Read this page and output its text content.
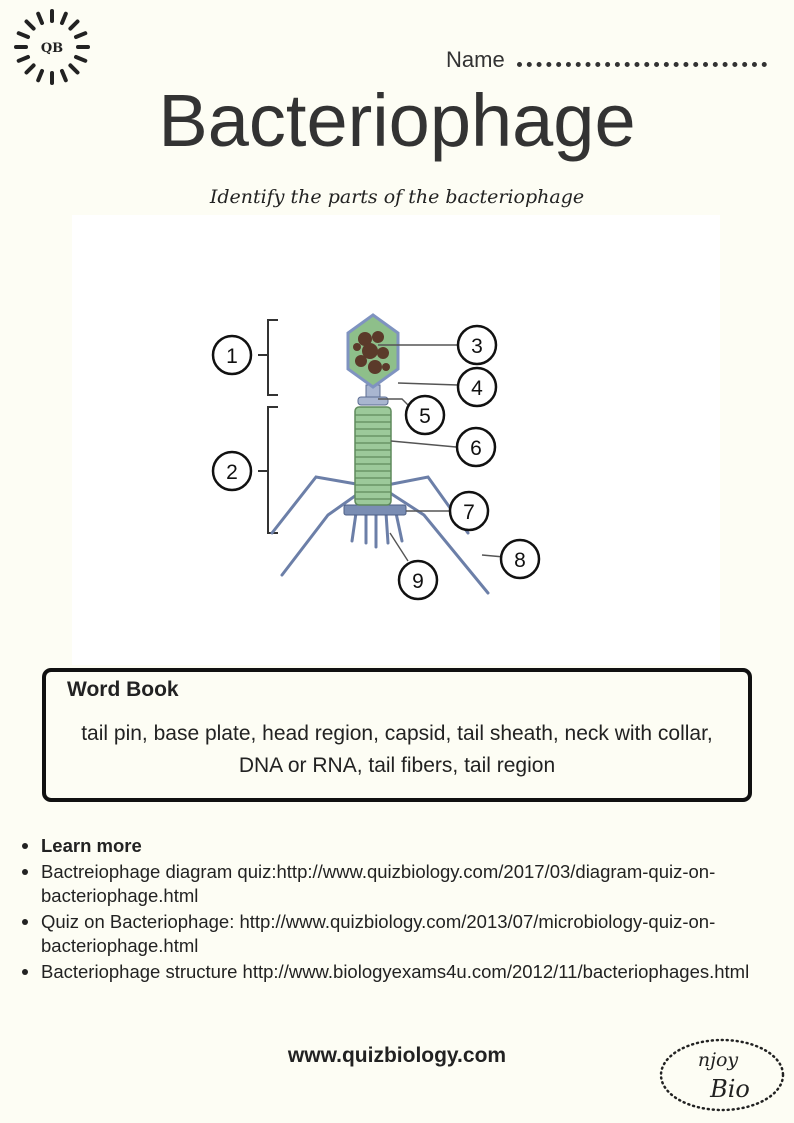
QB	Name
Bacteriophage
Identify the parts of the bacteriophage
1
2
3
4
5
6
7
8
9
Word Book
tail pin, base plate, head region, capsid, tail sheath, neck with collar, DNA or RNA, tail fibers, tail region
Learn more
Bactreiophage diagram quiz:http://www.quizbiology.com/2017/03/diagram-quiz-on-bacteriophage.html
Quiz on Bacteriophage: http://www.quizbiology.com/2013/07/microbiology-quiz-on-bacteriophage.html
Bacteriophage structure http://www.biologyexams4u.com/2012/11/bacteriophages.html
www.quizbiology.com	njoy
Bio
